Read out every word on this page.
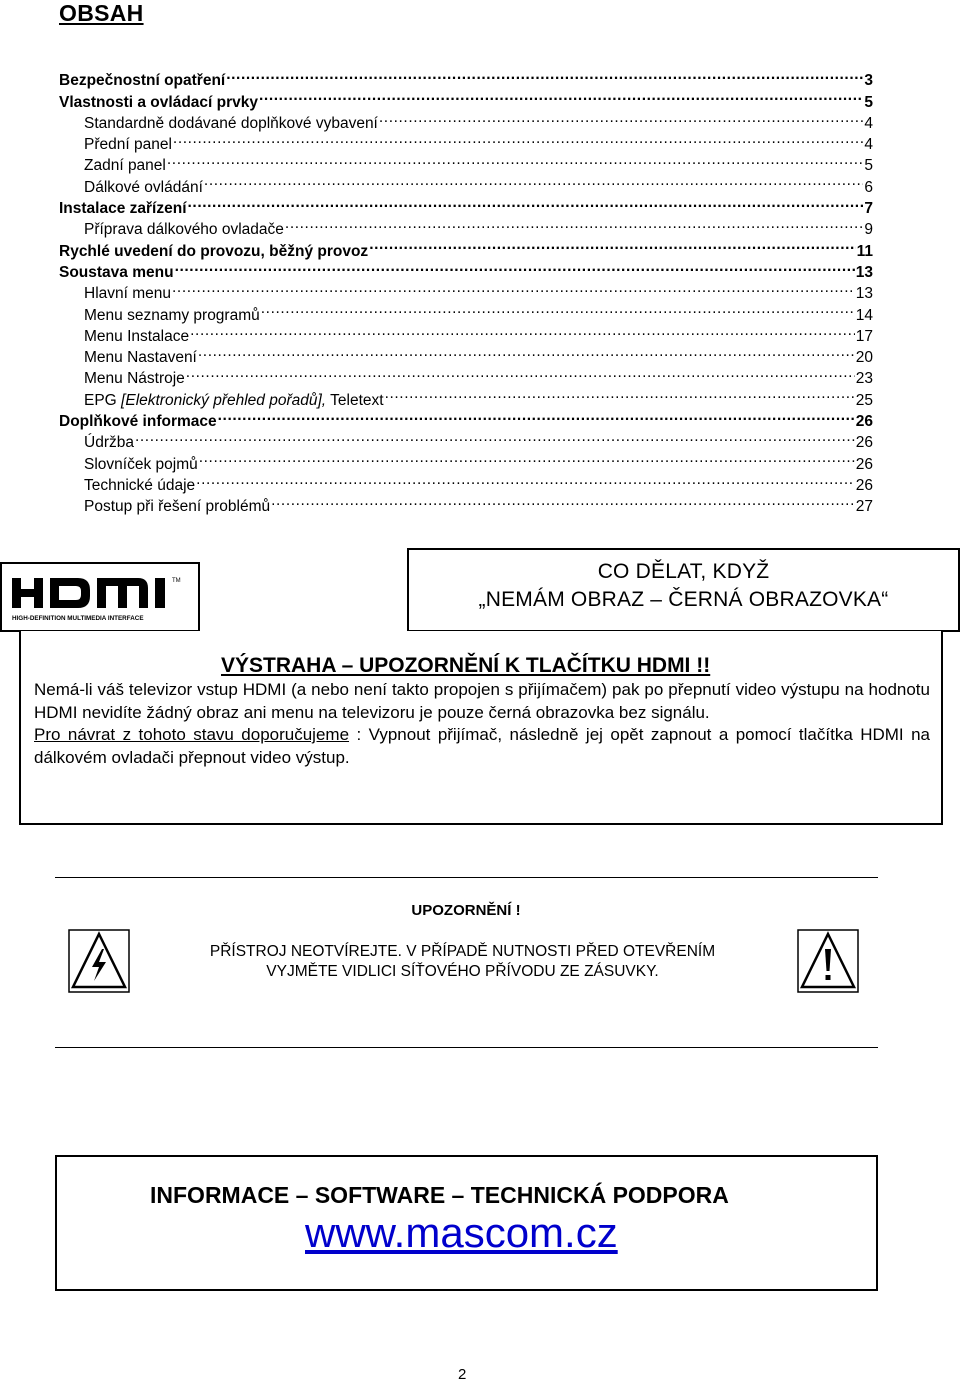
OBSAH
Bezpečnostní opatření .....	3
Vlastnosti a ovládací prvky .....	5
Standardně dodávané doplňkové vybavení .....	4
Přední panel .....	4
Zadní panel .....	5
Dálkové ovládání .....	6
Instalace zařízení .....	7
Příprava dálkového ovladače .....	9
Rychlé uvedení do provozu, běžný provoz .....	11
Soustava menu .....	13
Hlavní menu .....	13
Menu seznamy programů .....	14
Menu Instalace .....	17
Menu Nastavení .....	20
Menu Nástroje .....	23
EPG [Elektronický přehled pořadů], Teletext .....	25
Doplňkové informace .....	26
Údržba .....	26
Slovníček pojmů .....	26
Technické údaje .....	26
Postup při řešení problémů .....	27
TM
HIGH-DEFINITION MULTIMEDIA INTERFACE
CO DĚLAT, KDYŽ
„NEMÁM OBRAZ – ČERNÁ OBRAZOVKA“
VÝSTRAHA – UPOZORNĚNÍ K TLAČÍTKU HDMI !!
Nemá-li váš televizor vstup HDMI (a nebo není takto propojen s přijímačem) pak po přepnutí video výstupu na hodnotu HDMI nevidíte žádný obraz ani menu na televizoru je pouze černá obrazovka bez signálu.
Pro návrat z tohoto stavu doporučujeme : Vypnout přijímač, následně jej opět zapnout a pomocí tlačítka HDMI na dálkovém ovladači přepnout video výstup.
UPOZORNĚNÍ !
PŘÍSTROJ NEOTVÍREJTE. V PŘÍPADĚ NUTNOSTI PŘED OTEVŘENÍM
VYJMĚTE VIDLICI SÍŤOVÉHO PŘÍVODU ZE ZÁSUVKY.
INFORMACE – SOFTWARE – TECHNICKÁ PODPORA
www.mascom.cz
2
